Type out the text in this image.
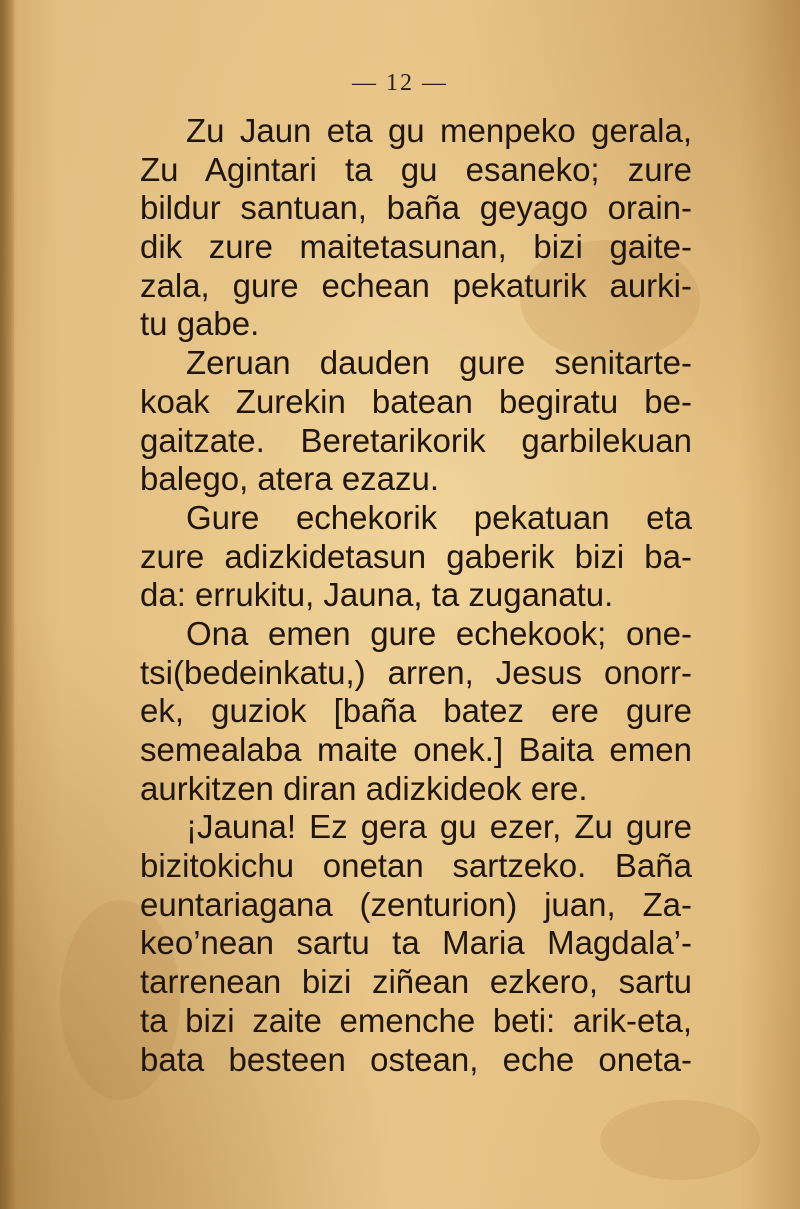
— 12 —
Zu Jaun eta gu menpeko gerala,
Zu Agintari ta gu esaneko; zure
bildur santuan, baña geyago orain-
dik zure maitetasunan, bizi gaite-
zala, gure echean pekaturik aurki-
tu gabe.
Zeruan dauden gure senitarte-
koak Zurekin batean begiratu be-
gaitzate. Beretarikorik garbilekuan
balego, atera ezazu.
Gure echekorik pekatuan eta
zure adizkidetasun gaberik bizi ba-
da: errukitu, Jauna, ta zuganatu.
Ona emen gure echekook; one-
tsi(bedeinkatu,) arren, Jesus onorr-
ek, guziok [baña batez ere gure
semealaba maite onek.] Baita emen
aurkitzen diran adizkideok ere.
¡Jauna! Ez gera gu ezer, Zu gure
bizitokichu onetan sartzeko. Baña
euntariagana (zenturion) juan, Za-
keo’nean sartu ta Maria Magdala’-
tarrenean bizi ziñean ezkero, sartu
ta bizi zaite emenche beti: arik-eta,
bata besteen ostean, eche oneta-
